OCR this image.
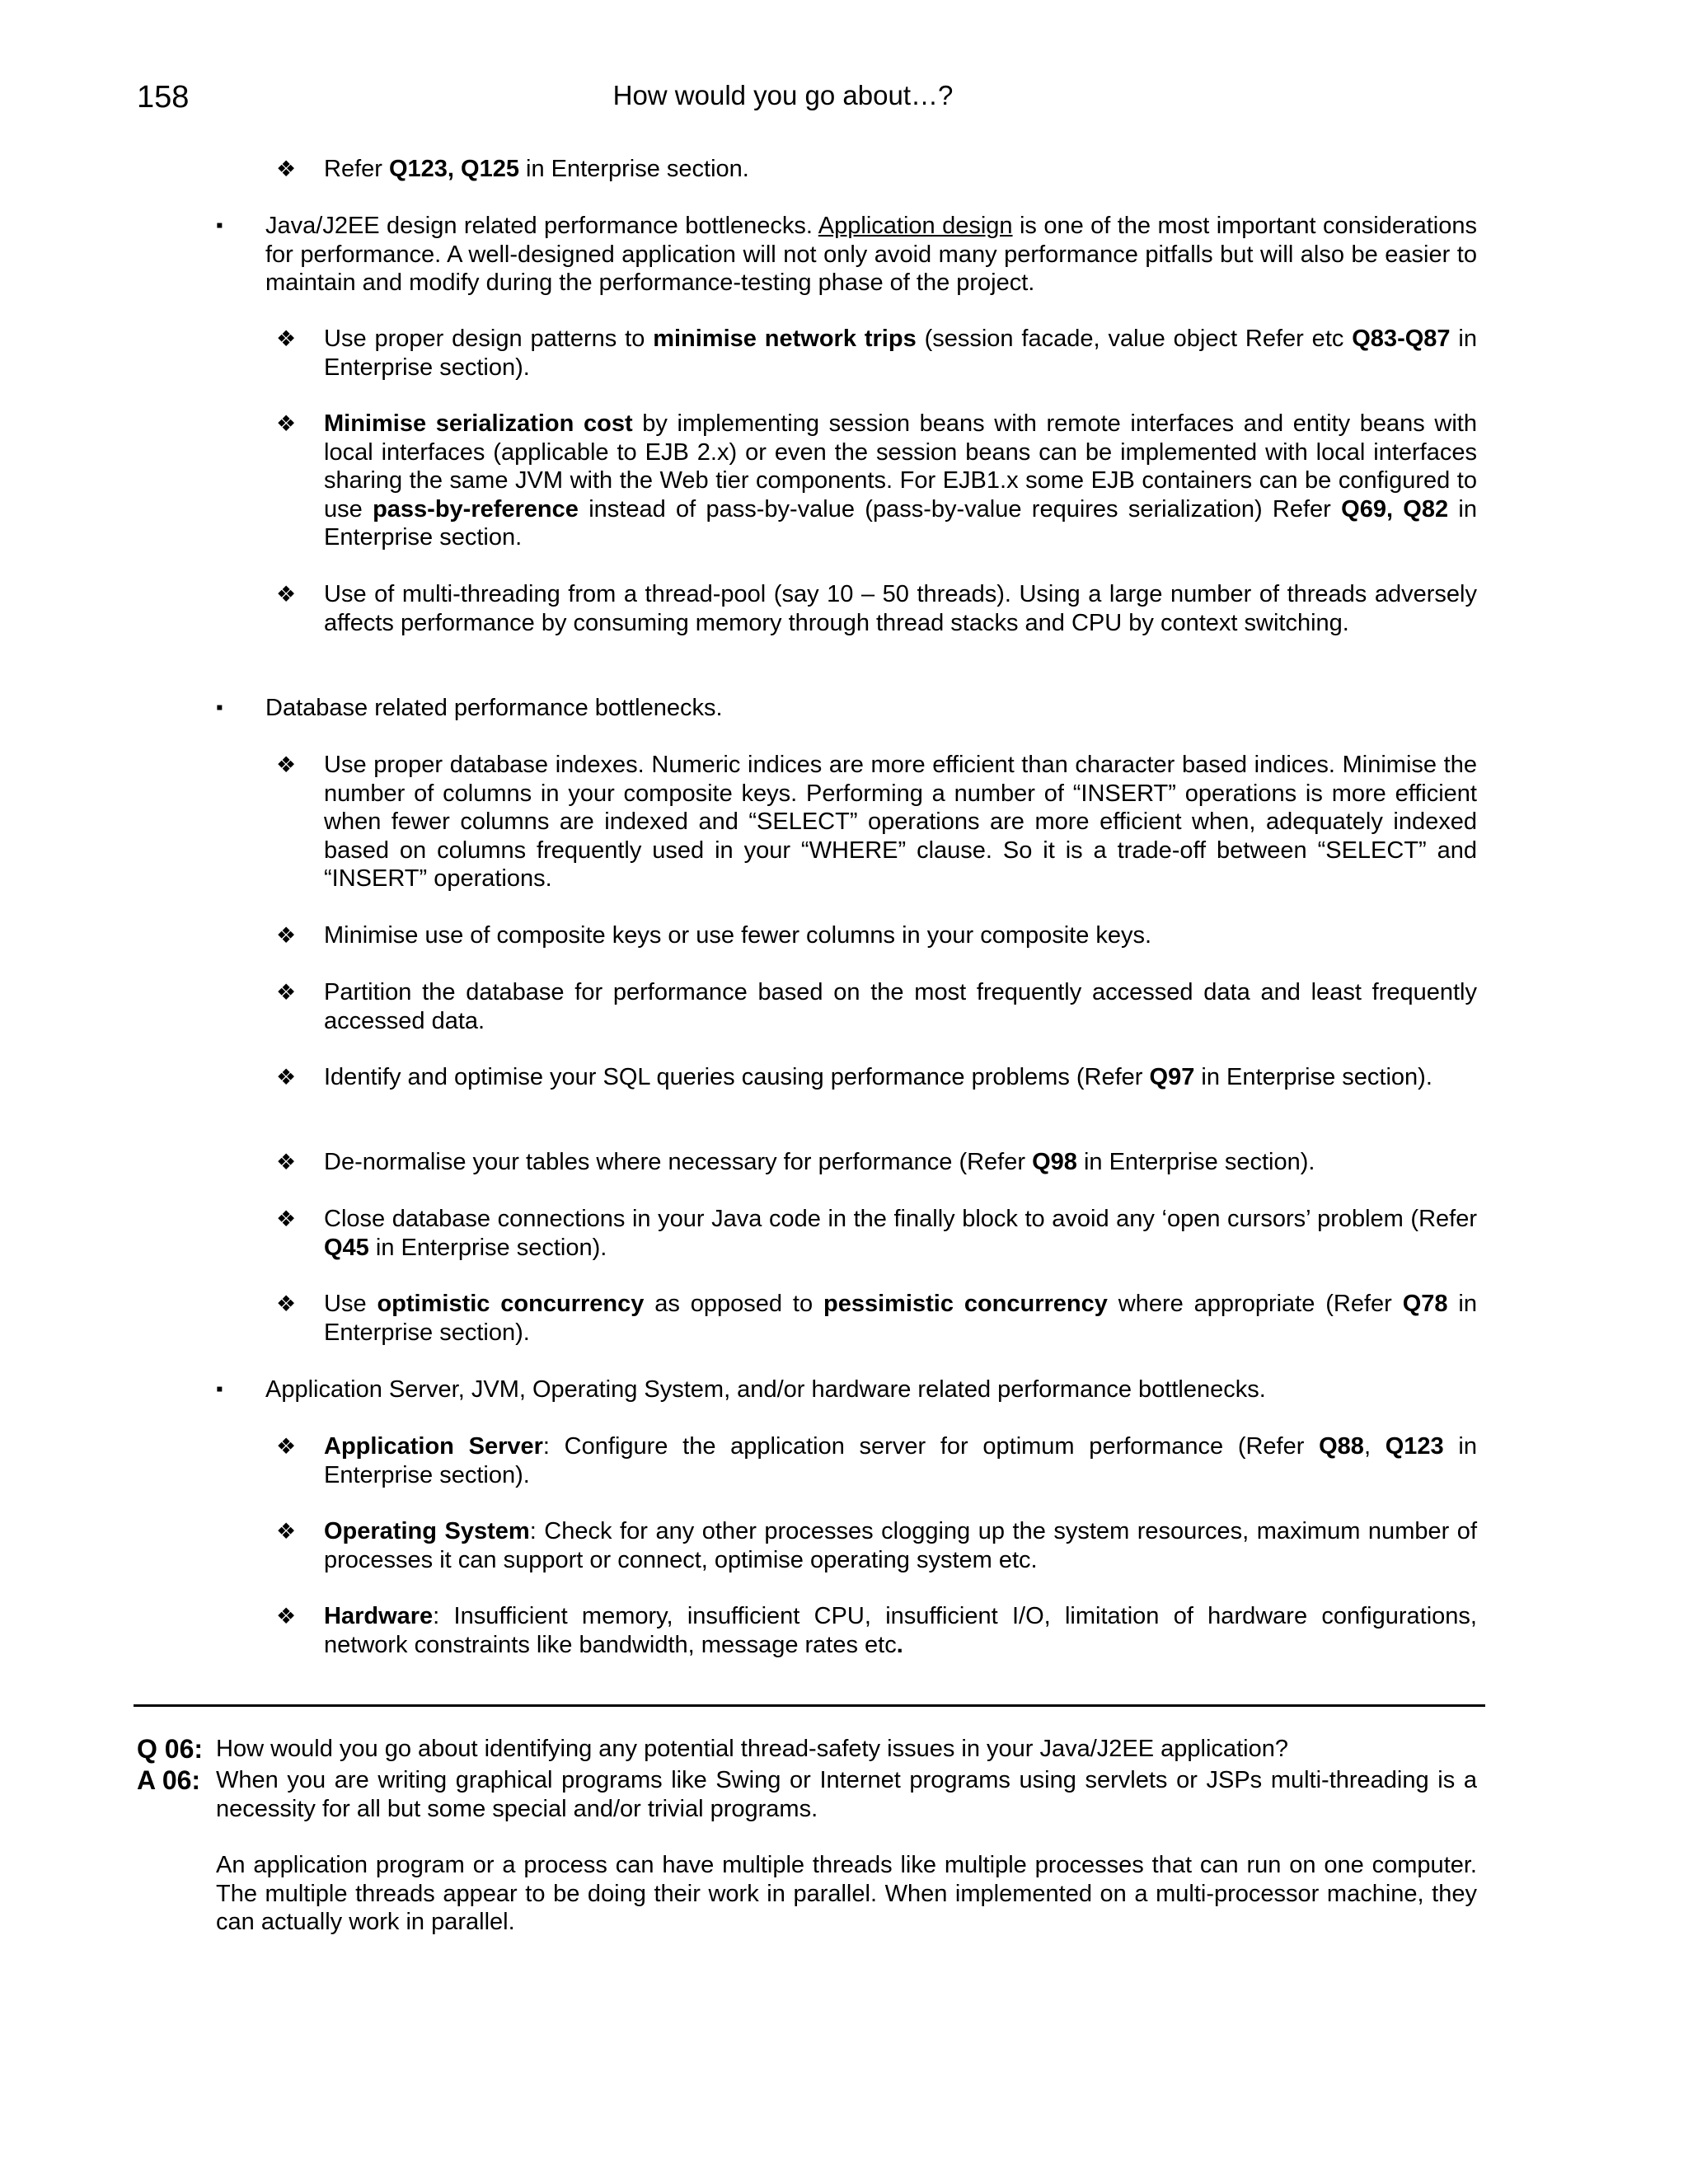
158	How would you go about…?
❖ Refer Q123, Q125 in Enterprise section.
▪ Java/J2EE design related performance bottlenecks. Application design is one of the most important considerations for performance. A well-designed application will not only avoid many performance pitfalls but will also be easier to maintain and modify during the performance-testing phase of the project.
❖ Use proper design patterns to minimise network trips (session facade, value object Refer etc Q83-Q87 in Enterprise section).
❖ Minimise serialization cost by implementing session beans with remote interfaces and entity beans with local interfaces (applicable to EJB 2.x) or even the session beans can be implemented with local interfaces sharing the same JVM with the Web tier components. For EJB1.x some EJB containers can be configured to use pass-by-reference instead of pass-by-value (pass-by-value requires serialization) Refer Q69, Q82 in Enterprise section.
❖ Use of multi-threading from a thread-pool (say 10 – 50 threads). Using a large number of threads adversely affects performance by consuming memory through thread stacks and CPU by context switching.
▪ Database related performance bottlenecks.
❖ Use proper database indexes. Numeric indices are more efficient than character based indices. Minimise the number of columns in your composite keys. Performing a number of “INSERT” operations is more efficient when fewer columns are indexed and “SELECT” operations are more efficient when, adequately indexed based on columns frequently used in your “WHERE” clause. So it is a trade-off between “SELECT” and “INSERT” operations.
❖ Minimise use of composite keys or use fewer columns in your composite keys.
❖ Partition the database for performance based on the most frequently accessed data and least frequently accessed data.
❖ Identify and optimise your SQL queries causing performance problems (Refer Q97 in Enterprise section).
❖ De-normalise your tables where necessary for performance (Refer Q98 in Enterprise section).
❖ Close database connections in your Java code in the finally block to avoid any ‘open cursors’ problem (Refer Q45 in Enterprise section).
❖ Use optimistic concurrency as opposed to pessimistic concurrency where appropriate (Refer Q78 in Enterprise section).
▪ Application Server, JVM, Operating System, and/or hardware related performance bottlenecks.
❖ Application Server: Configure the application server for optimum performance (Refer Q88, Q123 in Enterprise section).
❖ Operating System: Check for any other processes clogging up the system resources, maximum number of processes it can support or connect, optimise operating system etc.
❖ Hardware: Insufficient memory, insufficient CPU, insufficient I/O, limitation of hardware configurations, network constraints like bandwidth, message rates etc.
Q 06: How would you go about identifying any potential thread-safety issues in your Java/J2EE application?
A 06: When you are writing graphical programs like Swing or Internet programs using servlets or JSPs multi-threading is a necessity for all but some special and/or trivial programs.
An application program or a process can have multiple threads like multiple processes that can run on one computer. The multiple threads appear to be doing their work in parallel. When implemented on a multi-processor machine, they can actually work in parallel.
